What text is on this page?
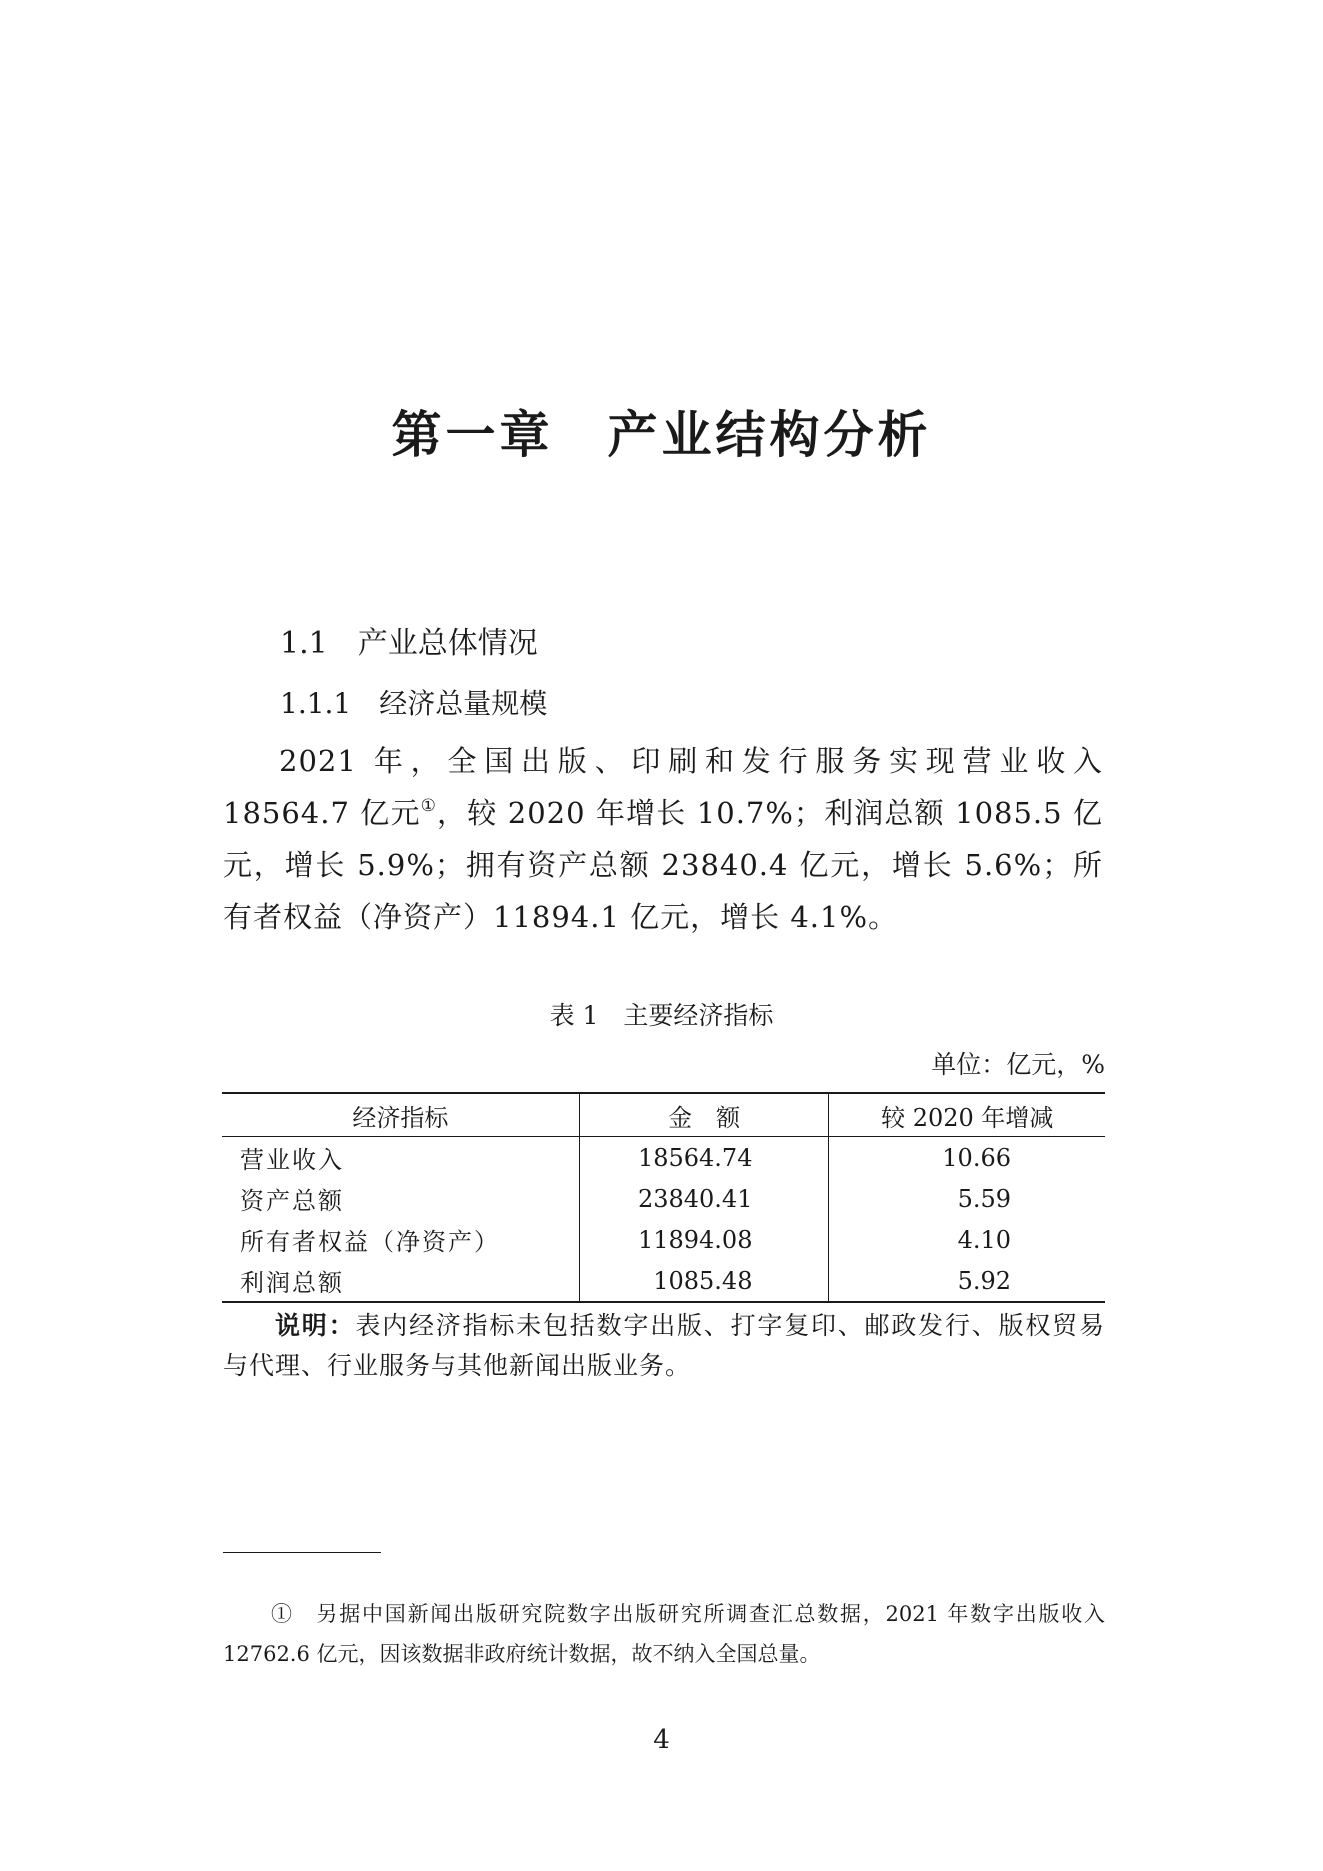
第一章　产业结构分析
1.1　产业总体情况
1.1.1　经济总量规模

2021 年，全国出版、印刷和发行服务实现营业收入 18564.7 亿元①，较 2020 年增长 10.7%；利润总额 1085.5 亿元，增长 5.9%；拥有资产总额 23840.4 亿元，增长 5.6%；所有者权益（净资产）11894.1 亿元，增长 4.1%。

表 1　主要经济指标
单位：亿元，%
经济指标	金　额	较 2020 年增减
营业收入	18564.74	10.66
资产总额	23840.41	5.59
所有者权益（净资产）	11894.08	4.10
利润总额	1085.48	5.92

说明：表内经济指标未包括数字出版、打字复印、邮政发行、版权贸易与代理、行业服务与其他新闻出版业务。

①　另据中国新闻出版研究院数字出版研究所调查汇总数据，2021 年数字出版收入 12762.6 亿元，因该数据非政府统计数据，故不纳入全国总量。

4
